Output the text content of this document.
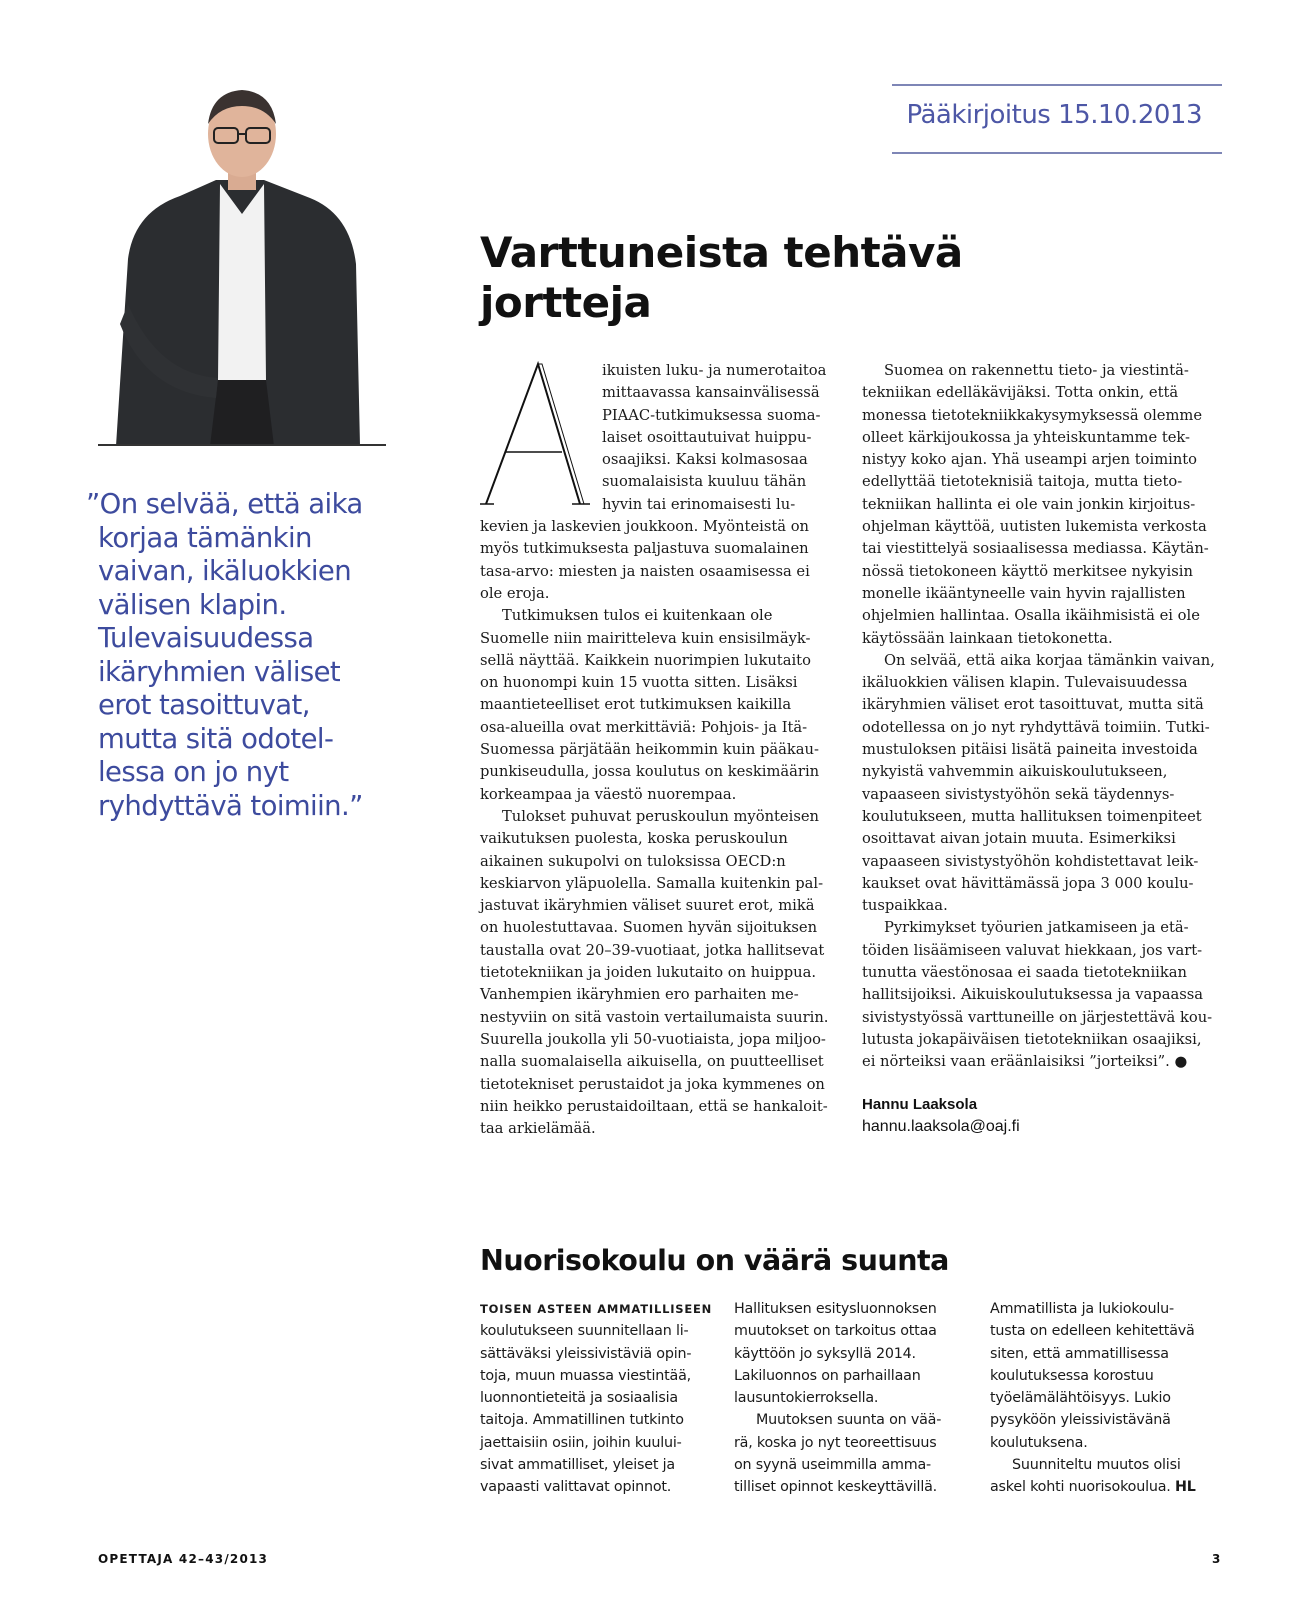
Pääkirjoitus 15.10.2013
”On selvää, että aika
korjaa tämänkin
vaivan, ikäluokkien
välisen klapin.
Tulevaisuudessa
ikäryhmien väliset
erot tasoittuvat,
mutta sitä odotel-
lessa on jo nyt
ryhdyttävä toimiin.”
Varttuneista tehtävä
jortteja
ikuisten luku- ja numerotaitoa
mittaavassa kansainvälisessä
PIAAC-tutkimuksessa suoma-
laiset osoittautuivat huippu-
osaajiksi. Kaksi kolmasosaa
suomalaisista kuuluu tähän
hyvin tai erinomaisesti lu-
kevien ja laskevien joukkoon. Myönteistä on
myös tutkimuksesta paljastuva suomalainen
tasa-arvo: miesten ja naisten osaamisessa ei
ole eroja.
Tutkimuksen tulos ei kuitenkaan ole
Suomelle niin mairitteleva kuin ensisilmäyk-
sellä näyttää. Kaikkein nuorimpien lukutaito
on huonompi kuin 15 vuotta sitten. Lisäksi
maantieteelliset erot tutkimuksen kaikilla
osa-alueilla ovat merkittäviä: Pohjois- ja Itä-
Suomessa pärjätään heikommin kuin pääkau-
punkiseudulla, jossa koulutus on keskimäärin
korkeampaa ja väestö nuorempaa.
Tulokset puhuvat peruskoulun myönteisen
vaikutuksen puolesta, koska peruskoulun
aikainen sukupolvi on tuloksissa OECD:n
keskiarvon yläpuolella. Samalla kuitenkin pal-
jastuvat ikäryhmien väliset suuret erot, mikä
on huolestuttavaa. Suomen hyvän sijoituksen
taustalla ovat 20–39-vuotiaat, jotka hallitsevat
tietotekniikan ja joiden lukutaito on huippua.
Vanhempien ikäryhmien ero parhaiten me-
nestyviin on sitä vastoin vertailumaista suurin.
Suurella joukolla yli 50-vuotiaista, jopa miljoo-
nalla suomalaisella aikuisella, on puutteelliset
tietotekniset perustaidot ja joka kymmenes on
niin heikko perustaidoiltaan, että se hankaloit-
taa arkielämää.
Suomea on rakennettu tieto- ja viestintä-
tekniikan edelläkävijäksi. Totta onkin, että
monessa tietotekniikkakysymyksessä olemme
olleet kärkijoukossa ja yhteiskuntamme tek-
nistyy koko ajan. Yhä useampi arjen toiminto
edellyttää tietoteknisiä taitoja, mutta tieto-
tekniikan hallinta ei ole vain jonkin kirjoitus-
ohjelman käyttöä, uutisten lukemista verkosta
tai viestittelyä sosiaalisessa mediassa. Käytän-
nössä tietokoneen käyttö merkitsee nykyisin
monelle ikääntyneelle vain hyvin rajallisten
ohjelmien hallintaa. Osalla ikäihmisistä ei ole
käytössään lainkaan tietokonetta.
On selvää, että aika korjaa tämänkin vaivan,
ikäluokkien välisen klapin. Tulevaisuudessa
ikäryhmien väliset erot tasoittuvat, mutta sitä
odotellessa on jo nyt ryhdyttävä toimiin. Tutki-
mustuloksen pitäisi lisätä paineita investoida
nykyistä vahvemmin aikuiskoulutukseen,
vapaaseen sivistystyöhön sekä täydennys-
koulutukseen, mutta hallituksen toimenpiteet
osoittavat aivan jotain muuta. Esimerkiksi
vapaaseen sivistystyöhön kohdistettavat leik-
kaukset ovat hävittämässä jopa 3 000 koulu-
tuspaikkaa.
Pyrkimykset työurien jatkamiseen ja etä-
töiden lisäämiseen valuvat hiekkaan, jos vart-
tunutta väestönosaa ei saada tietotekniikan
hallitsijoiksi. Aikuiskoulutuksessa ja vapaassa
sivistystyössä varttuneille on järjestettävä kou-
lutusta jokapäiväisen tietotekniikan osaajiksi,
ei nörteiksi vaan eräänlaisiksi ”jorteiksi”. ●
Hannu Laaksola
hannu.laaksola@oaj.fi
Nuorisokoulu on väärä suunta
TOISEN ASTEEN AMMATILLISEEN
koulutukseen suunnitellaan li-
sättäväksi yleissivistäviä opin-
toja, muun muassa viestintää,
luonnontieteitä ja sosiaalisia
taitoja. Ammatillinen tutkinto
jaettaisiin osiin, joihin kuului-
sivat ammatilliset, yleiset ja
vapaasti valittavat opinnot.
Hallituksen esitysluonnoksen
muutokset on tarkoitus ottaa
käyttöön jo syksyllä 2014.
Lakiluonnos on parhaillaan
lausuntokierroksella.
Muutoksen suunta on vää-
rä, koska jo nyt teoreettisuus
on syynä useimmilla amma-
tilliset opinnot keskeyttävillä.
Ammatillista ja lukiokoulu-
tusta on edelleen kehitettävä
siten, että ammatillisessa
koulutuksessa korostuu
työelämälähtöisyys. Lukio
pysyköön yleissivistävänä
koulutuksena.
Suunniteltu muutos olisi
askel kohti nuorisokoulua. HL
OPETTAJA 42–43/2013	3
